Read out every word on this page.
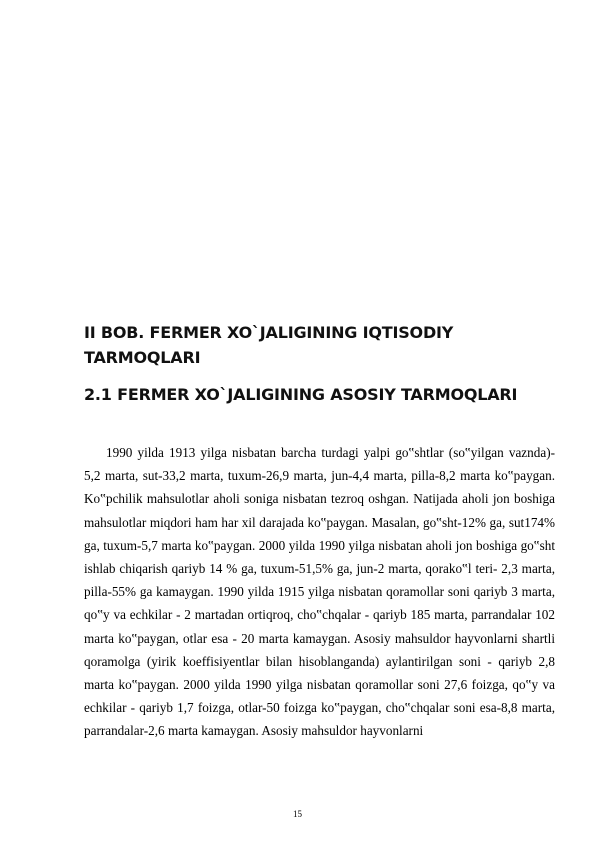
II BOB. FERMER XO`JALIGINING IQTISODIY TARMOQLARI
2.1 FERMER XO`JALIGINING ASOSIY TARMOQLARI

1990 yilda 1913 yilga nisbatan barcha turdagi yalpi go‟shtlar (so‟yilgan vaznda)- 5,2 marta, sut-33,2 marta, tuxum-26,9 marta, jun-4,4 marta, pilla-8,2 marta ko‟paygan. Ko‟pchilik mahsulotlar aholi soniga nisbatan tezroq oshgan. Natijada aholi jon boshiga mahsulotlar miqdori ham har xil darajada ko‟paygan. Masalan, go‟sht-12% ga, sut174% ga, tuxum-5,7 marta ko‟paygan. 2000 yilda 1990 yilga nisbatan aholi jon boshiga go‟sht ishlab chiqarish qariyb 14 % ga, tuxum-51,5% ga, jun-2 marta, qorako‟l teri- 2,3 marta, pilla-55% ga kamaygan. 1990 yilda 1915 yilga nisbatan qoramollar soni qariyb 3 marta, qo‟y va echkilar - 2 martadan ortiqroq, cho‟chqalar - qariyb 185 marta, parrandalar 102 marta ko‟paygan, otlar esa - 20 marta kamaygan. Asosiy mahsuldor hayvonlarni shartli qoramolga (yirik koeffisiyentlar bilan hisoblanganda) aylantirilgan soni - qariyb 2,8 marta ko‟paygan. 2000 yilda 1990 yilga nisbatan qoramollar soni 27,6 foizga, qo‟y va echkilar - qariyb 1,7 foizga, otlar-50 foizga ko‟paygan, cho‟chqalar soni esa-8,8 marta, parrandalar-2,6 marta kamaygan. Asosiy mahsuldor hayvonlarni

15
